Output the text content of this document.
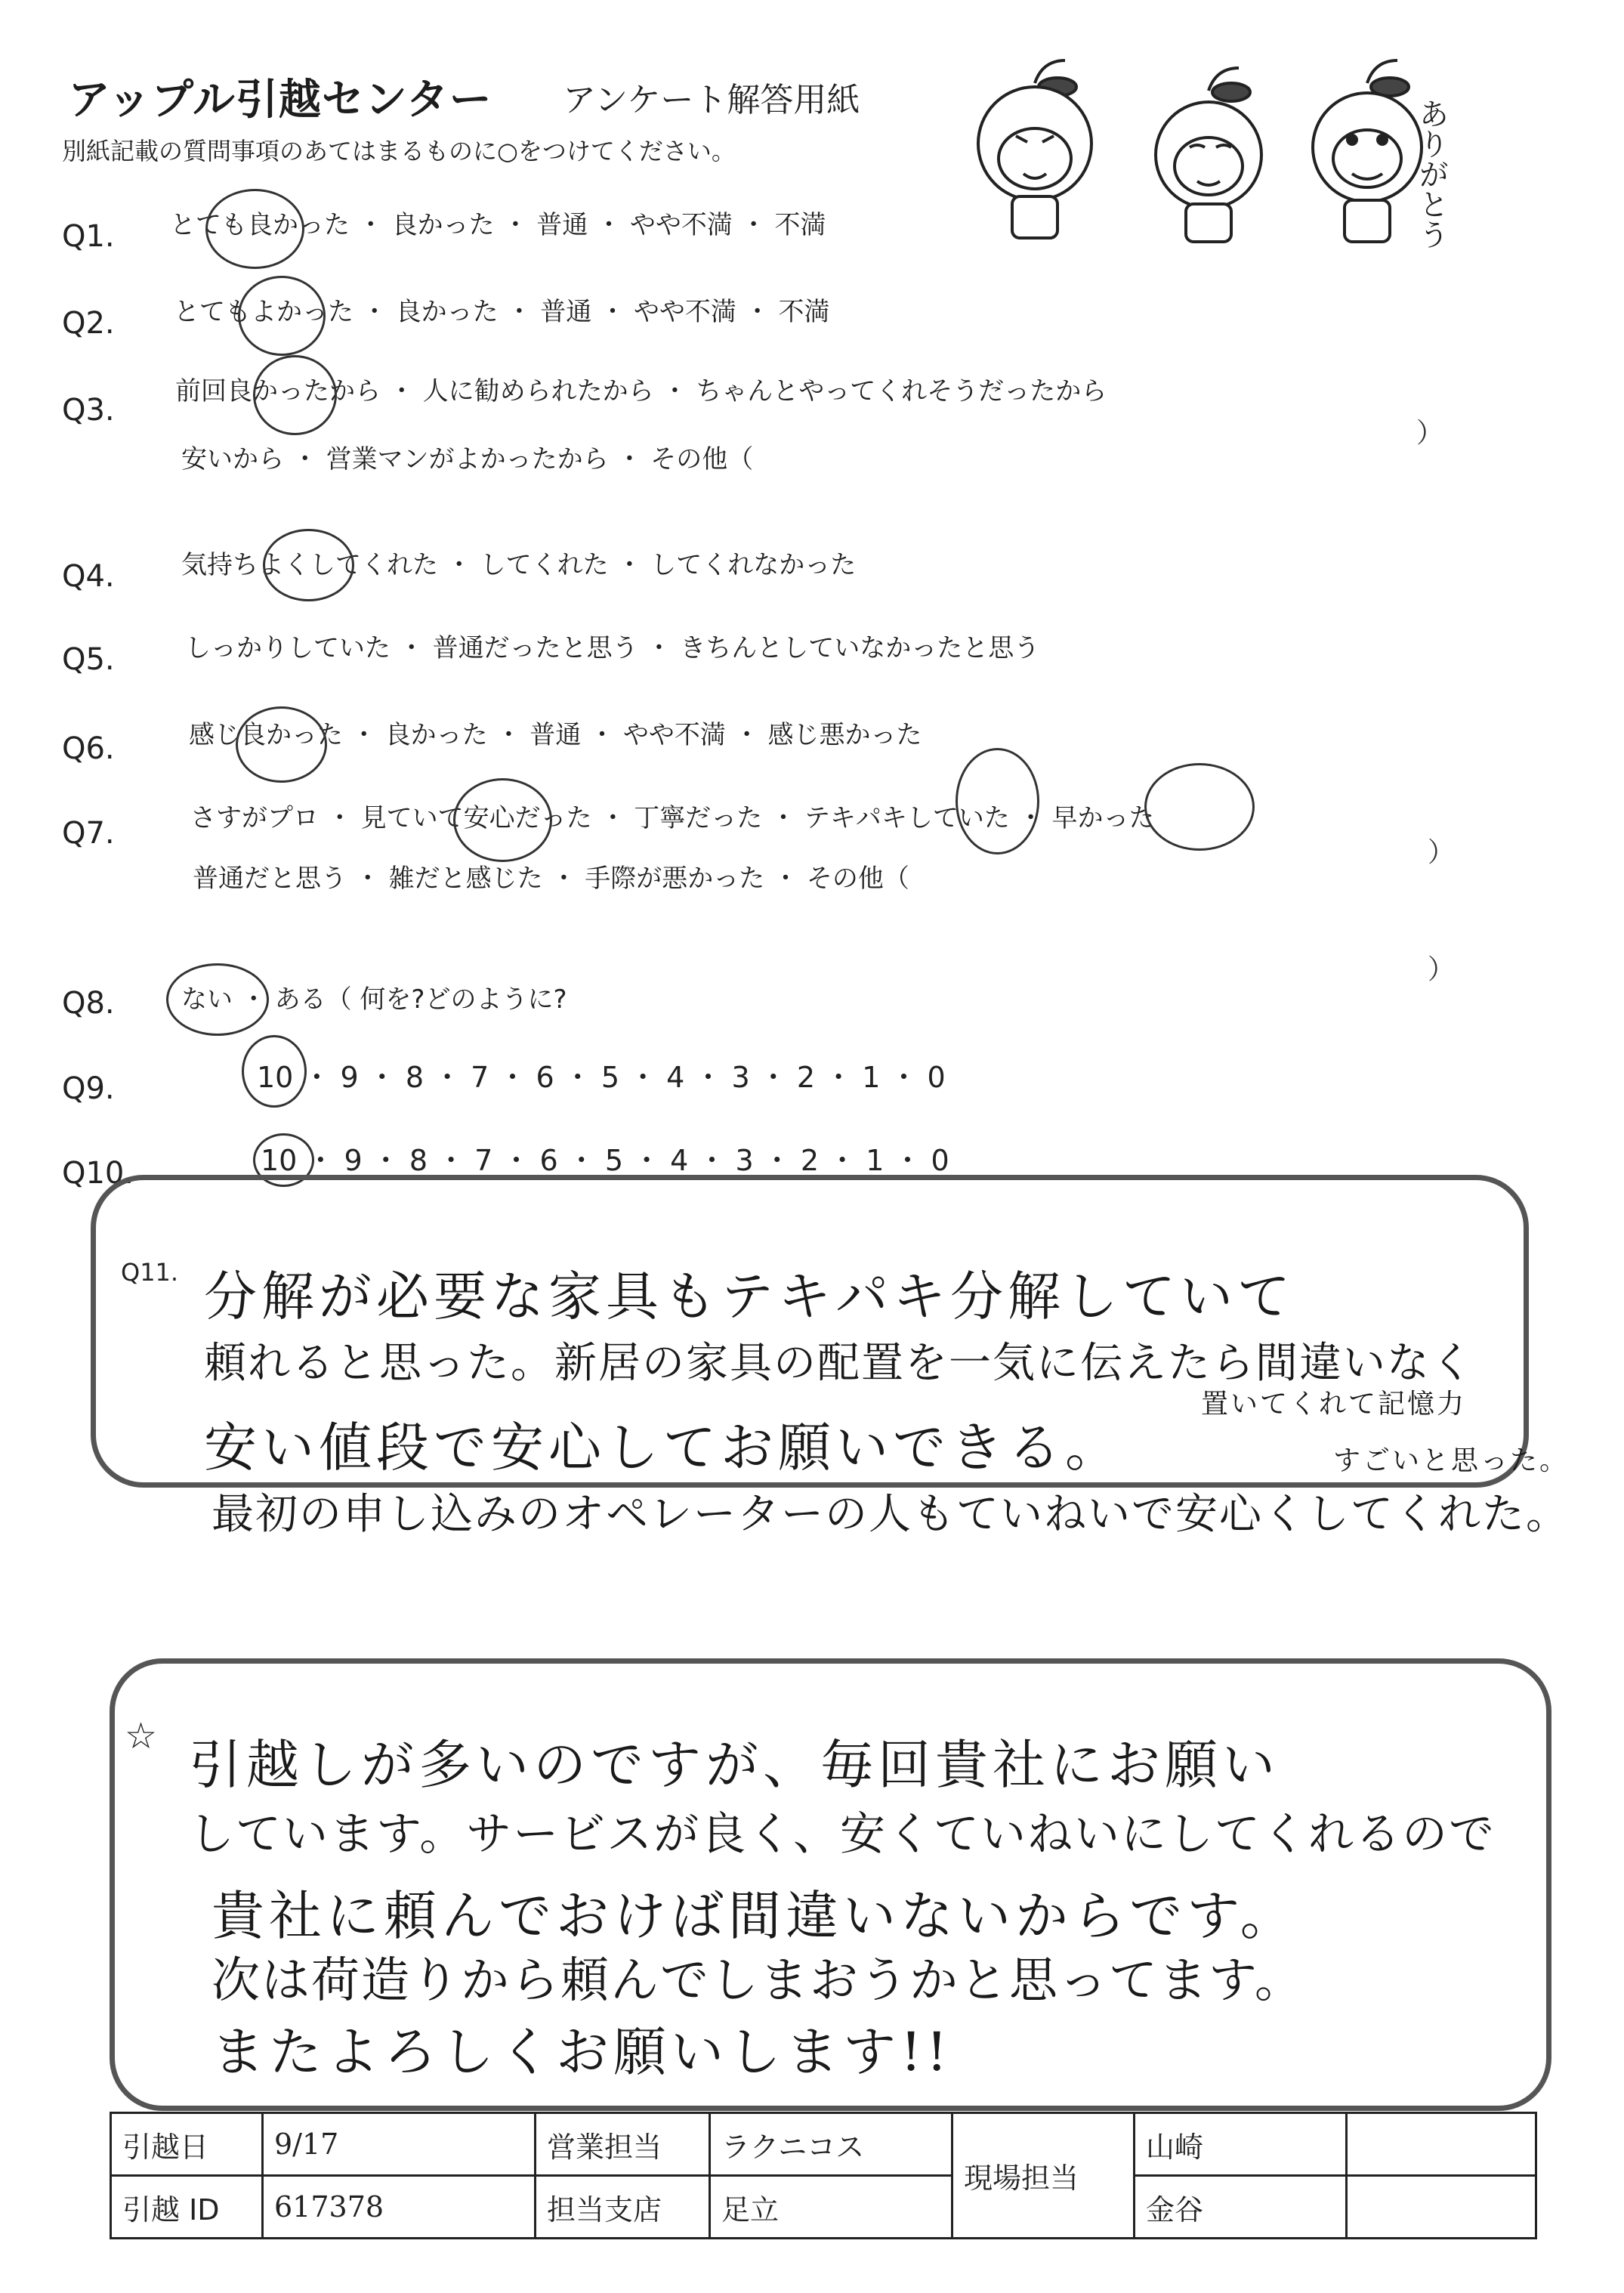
アップル引越センター アンケート解答用紙
別紙記載の質問事項のあてはまるものに○をつけてください。	ありがとう
Q1. とても良かった ・ 良かった ・ 普通 ・ やや不満 ・ 不満
Q2. とてもよかった ・ 良かった ・ 普通 ・ やや不満 ・ 不満
Q3.
前回良かったから ・ 人に勧められたから ・ ちゃんとやってくれそうだったから
安いから ・ 営業マンがよかったから ・ その他（
）
Q4.	気持ちよくしてくれた ・ してくれた ・ してくれなかった
Q5.	しっかりしていた ・ 普通だったと思う ・ きちんとしていなかったと思う
Q6.	感じ良かった ・ 良かった ・ 普通 ・ やや不満 ・ 感じ悪かった
Q7.	さすがプロ ・ 見ていて安心だった ・ 丁寧だった ・ テキパキしていた ・ 早かった
普通だと思う ・ 雑だと感じた ・ 手際が悪かった ・ その他（
）
Q8.	ない ・ ある（ 何を?どのように?
）
Q9.	10 ・ 9 ・ 8 ・ 7 ・ 6 ・ 5 ・ 4 ・ 3 ・ 2 ・ 1 ・ 0
Q10.	10 ・ 9 ・ 8 ・ 7 ・ 6 ・ 5 ・ 4 ・ 3 ・ 2 ・ 1 ・ 0
Q11. 分解が必要な家具もテキパキ分解していて
頼れると思った。新居の家具の配置を一気に伝えたら間違いなく
置いてくれて記憶力
安い値段で安心してお願いできる。	すごいと思った。
最初の申し込みのオペレーターの人もていねいで安心くしてくれた。
☆ 引越しが多いのですが、毎回貴社にお願い
しています。サービスが良く、安くていねいにしてくれるので
貴社に頼んでおけば間違いないからです。
次は荷造りから頼んでしまおうかと思ってます。
またよろしくお願いします!!
引越日	9/17	営業担当	ラクニコス	現場担当	山崎	
引越 ID	617378	担当支店	足立		金谷	
